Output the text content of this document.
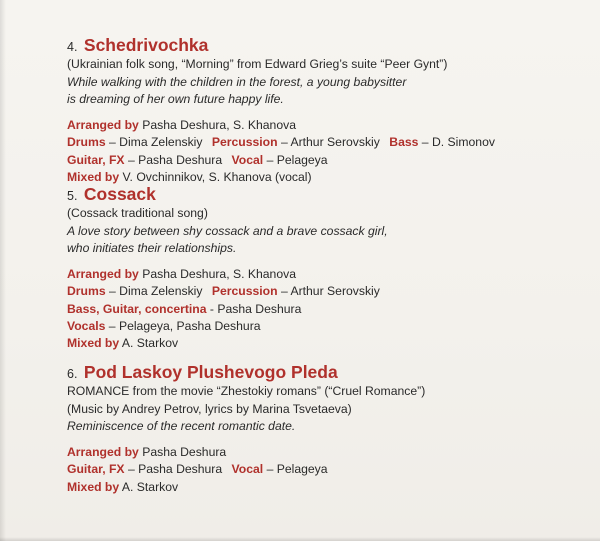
4. Schedrivochka
(Ukrainian folk song, “Morning” from Edward Grieg’s suite “Peer Gynt”)
While walking with the children in the forest, a young babysitter
is dreaming of her own future happy life.
Arranged by Pasha Deshura, S. Khanova
Drums – Dima Zelenskiy Percussion – Arthur Serovskiy Bass – D. Simonov
Guitar, FX – Pasha Deshura Vocal – Pelageya
Mixed by V. Ovchinnikov, S. Khanova (vocal)
5. Cossack
(Cossack traditional song)
A love story between shy cossack and a brave cossack girl,
who initiates their relationships.
Arranged by Pasha Deshura, S. Khanova
Drums – Dima Zelenskiy Percussion – Arthur Serovskiy
Bass, Guitar, concertina - Pasha Deshura
Vocals – Pelageya, Pasha Deshura
Mixed by A. Starkov
6. Pod Laskoy Plushevogo Pleda
ROMANCE from the movie “Zhestokiy romans” (“Cruel Romance”)
(Music by Andrey Petrov, lyrics by Marina Tsvetaeva)
Reminiscence of the recent romantic date.
Arranged by Pasha Deshura
Guitar, FX – Pasha Deshura Vocal – Pelageya
Mixed by A. Starkov
